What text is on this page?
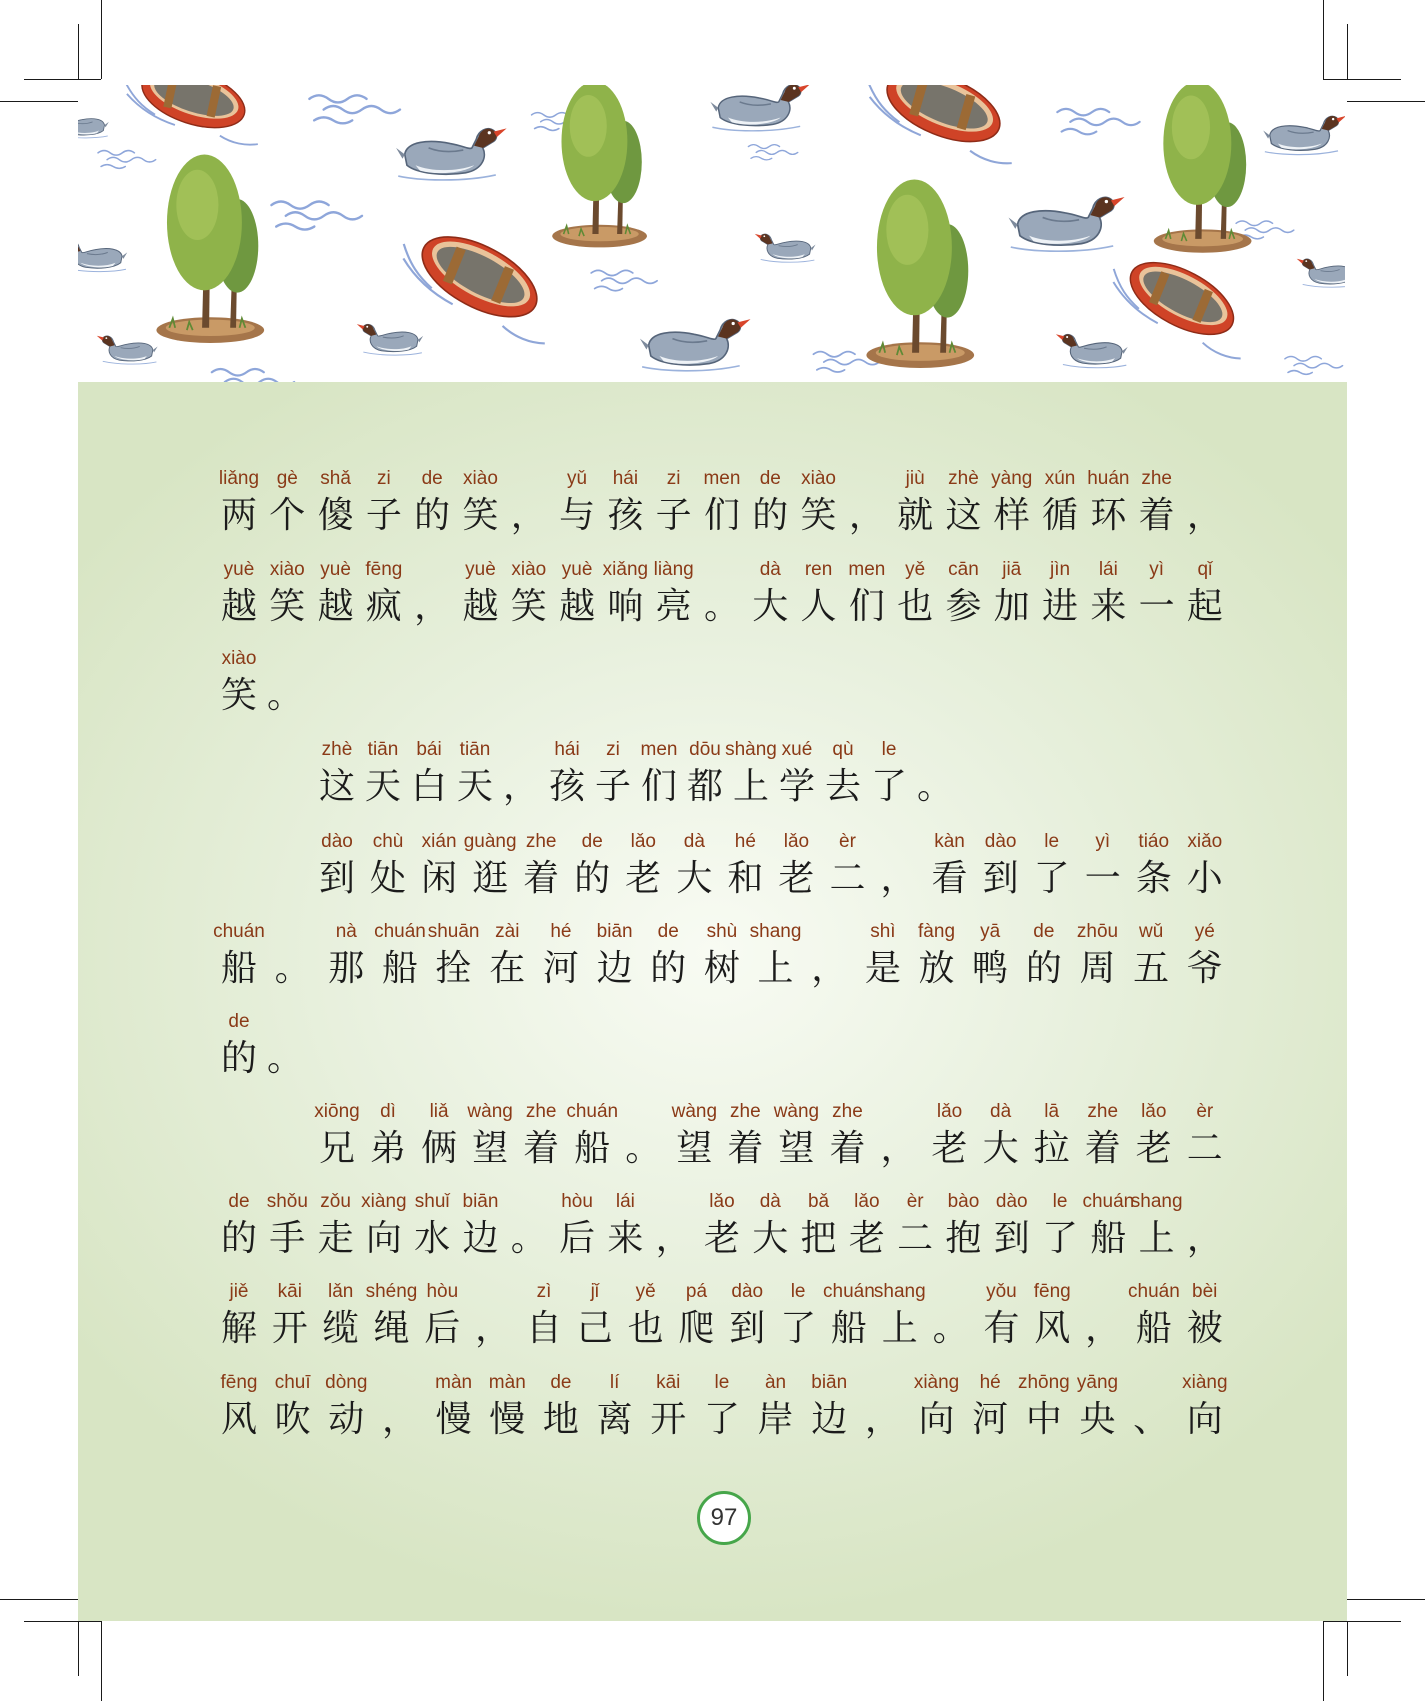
liǎng
两
gè
个
shǎ
傻
zi
子
de
的
xiào
笑 ，
yǔ
与
hái
孩
zi
子
men
们
de
的
xiào
笑 ，
jiù
就
zhè
这
yàng
样
xún
循
huán
环
zhe
着 ，
yuè
越
xiào
笑
yuè
越
fēng
疯 ，
yuè
越
xiào
笑
yuè
越
xiǎng
响
liàng
亮 。
dà
大
ren
人
men
们
yě
也
cān
参
jiā
加
jìn
进
lái
来
yì
一
qǐ
起
xiào
笑 。
zhè
这
tiān
天
bái
白
tiān
天 ，
hái
孩
zi
子
men
们
dōu
都
shàng
上
xué
学
qù
去
le
了 。
dào
到
chù
处
xián
闲
guàng
逛
zhe
着
de
的
lǎo
老
dà
大
hé
和
lǎo
老
èr
二 ，
kàn
看
dào
到
le
了
yì
一
tiáo
条
xiǎo
小
chuán
船 。
nà
那
chuán
船
shuān
拴
zài
在
hé
河
biān
边
de
的
shù
树
shang
上 ，
shì
是
fàng
放
yā
鸭
de
的
zhōu
周
wǔ
五
yé
爷
de
的 。
xiōng
兄
dì
弟
liǎ
俩
wàng
望
zhe
着
chuán
船 。
wàng
望
zhe
着
wàng
望
zhe
着 ，
lǎo
老
dà
大
lā
拉
zhe
着
lǎo
老
èr
二
de
的
shǒu
手
zǒu
走
xiàng
向
shuǐ
水
biān
边 。
hòu
后
lái
来 ，
lǎo
老
dà
大
bǎ
把
lǎo
老
èr
二
bào
抱
dào
到
le
了
chuán
船
shang
上 ，
jiě
解
kāi
开
lǎn
缆
shéng
绳
hòu
后 ，
zì
自
jǐ
己
yě
也
pá
爬
dào
到
le
了
chuán
船
shang
上 。
yǒu
有
fēng
风 ，
chuán
船
bèi
被
fēng
风
chuī
吹
dòng
动 ，
màn
慢
màn
慢
de
地
lí
离
kāi
开
le
了
àn
岸
biān
边 ，
xiàng
向
hé
河
zhōng
中
yāng
央 、
xiàng
向
97
